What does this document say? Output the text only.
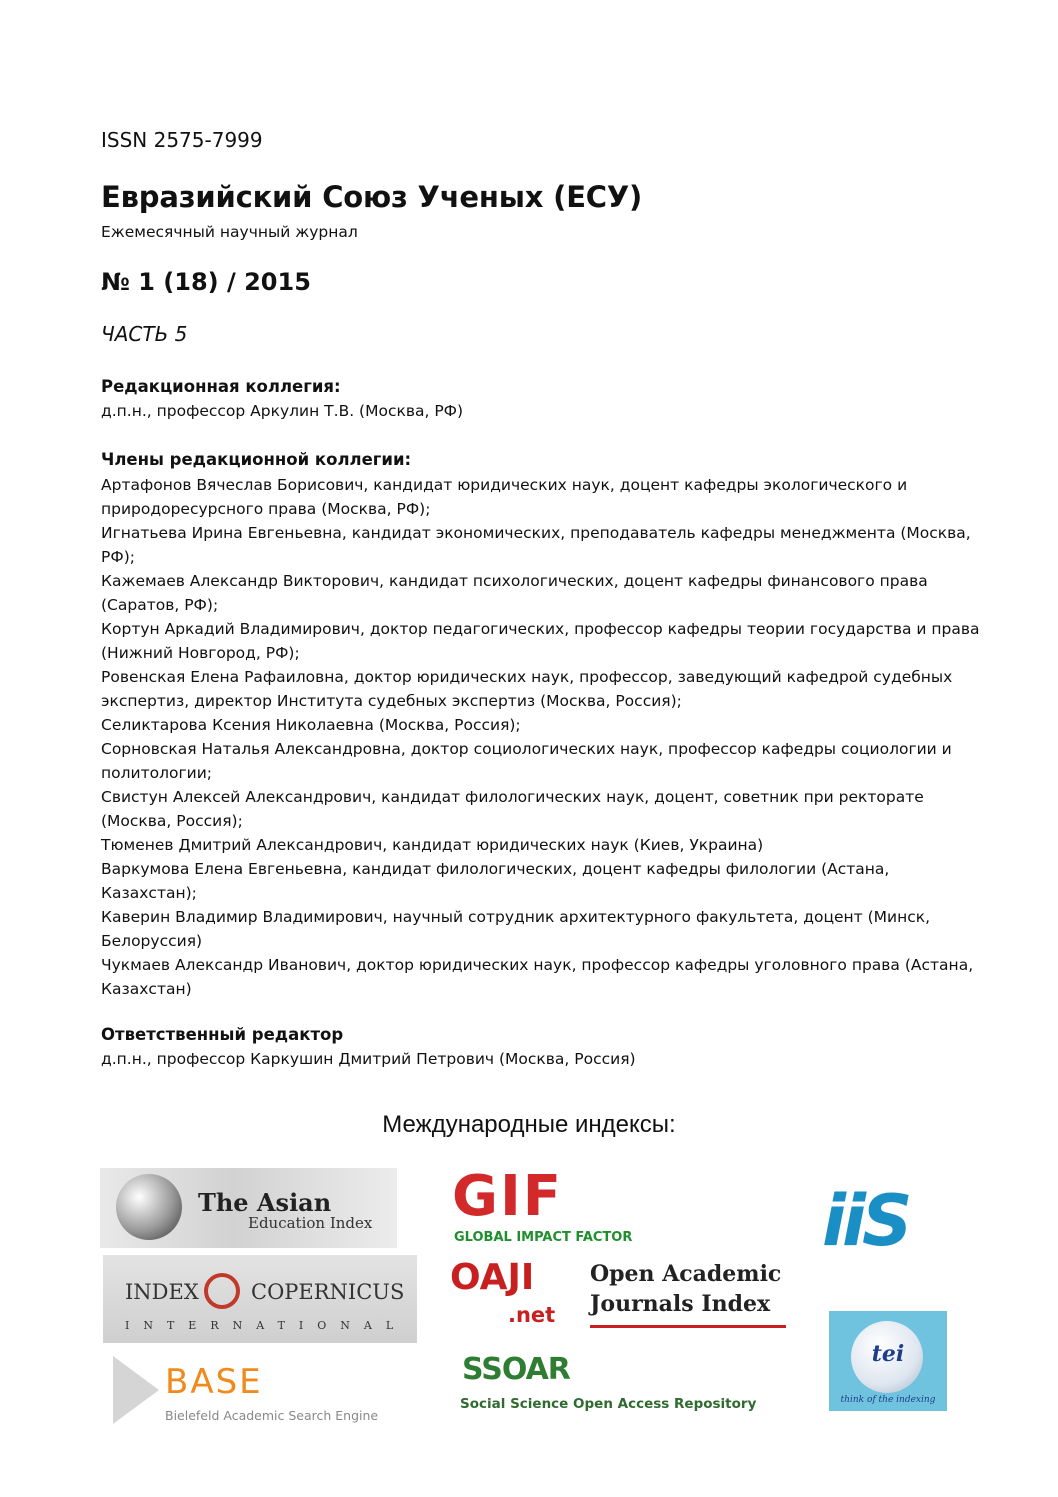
ISSN 2575-7999
Евразийский Союз Ученых (ЕСУ)
Ежемесячный научный журнал
№ 1 (18) / 2015
ЧАСТЬ 5
Редакционная коллегия:
д.п.н., профессор Аркулин Т.В. (Москва, РФ)
Члены редакционной коллегии:
Артафонов Вячеслав Борисович, кандидат юридических наук, доцент кафедры экологического и природоресурсного права (Москва, РФ);
Игнатьева Ирина Евгеньевна, кандидат экономических, преподаватель кафедры менеджмента (Москва, РФ);
Кажемаев Александр Викторович, кандидат психологических, доцент кафедры финансового права (Саратов, РФ);
Кортун Аркадий Владимирович, доктор педагогических, профессор кафедры теории государства и права (Нижний Новгород, РФ);
Ровенская Елена Рафаиловна, доктор юридических наук, профессор, заведующий кафедрой судебных экспертиз, директор Института судебных экспертиз (Москва, Россия);
Селиктарова Ксения Николаевна (Москва, Россия);
Сорновская Наталья Александровна, доктор социологических наук, профессор кафедры социологии и политологии;
Свистун Алексей Александрович, кандидат филологических наук, доцент, советник при ректорате (Москва, Россия);
Тюменев Дмитрий Александрович, кандидат юридических наук (Киев, Украина)
Варкумова Елена Евгеньевна, кандидат филологических, доцент кафедры филологии (Астана, Казахстан);
Каверин Владимир Владимирович, научный сотрудник архитектурного факультета, доцент (Минск, Белоруссия)
Чукмаев Александр Иванович, доктор юридических наук, профессор кафедры уголовного права (Астана, Казахстан)
Ответственный редактор
д.п.н., профессор Каркушин Дмитрий Петрович (Москва, Россия)
Международные индексы:
The Asian
Education Index
INDEX COPERNICUS
INTERNATIONAL
BASE
Bielefeld Academic Search Engine
GIF
GLOBAL IMPACT FACTOR
OAJI
.net
Open Academic
Journals Index
SSOAR
Social Science Open Access Repository
iiS
tei
think of the indexing
